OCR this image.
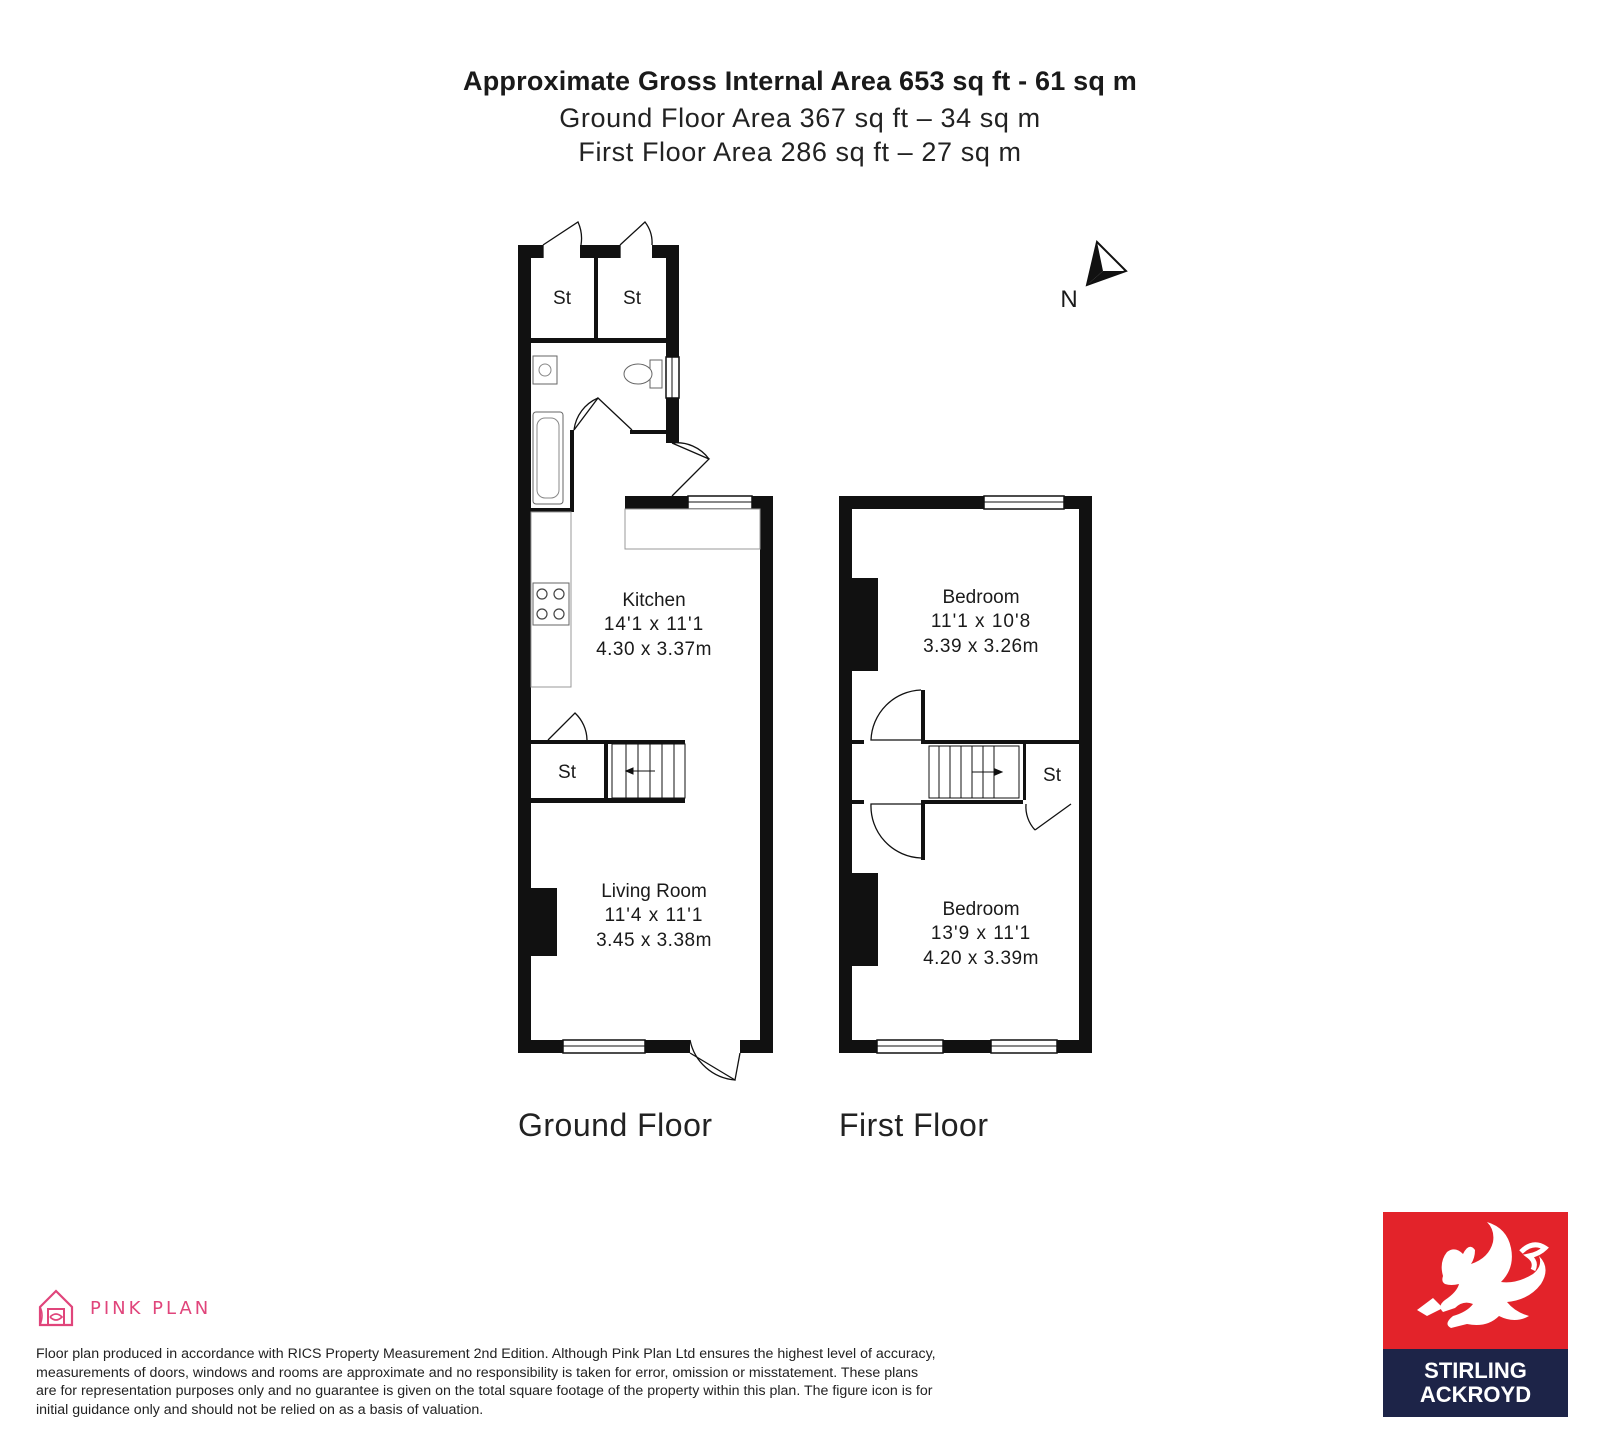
Approximate Gross Internal Area 653 sq ft - 61 sq m
Ground Floor Area 367 sq ft – 34 sq m
First Floor Area 286 sq ft – 27 sq m
St	St
St
Kitchen
14'1 x 11'1
4.30 x 3.37m
Living Room
11'4 x 11'1
3.45 x 3.38m
Bedroom
11'1 x 10'8
3.39 x 3.26m
St
Bedroom
13'9 x 11'1
4.20 x 3.39m
N
Ground Floor	First Floor
PINK PLAN
Floor plan produced in accordance with RICS Property Measurement 2nd Edition. Although Pink Plan Ltd ensures the highest level of accuracy, measurements of doors, windows and rooms are approximate and no responsibility is taken for error, omission or misstatement. These plans are for representation purposes only and no guarantee is given on the total square footage of the property within this plan. The figure icon is for initial guidance only and should not be relied on as a basis of valuation.
STIRLING
ACKROYD
